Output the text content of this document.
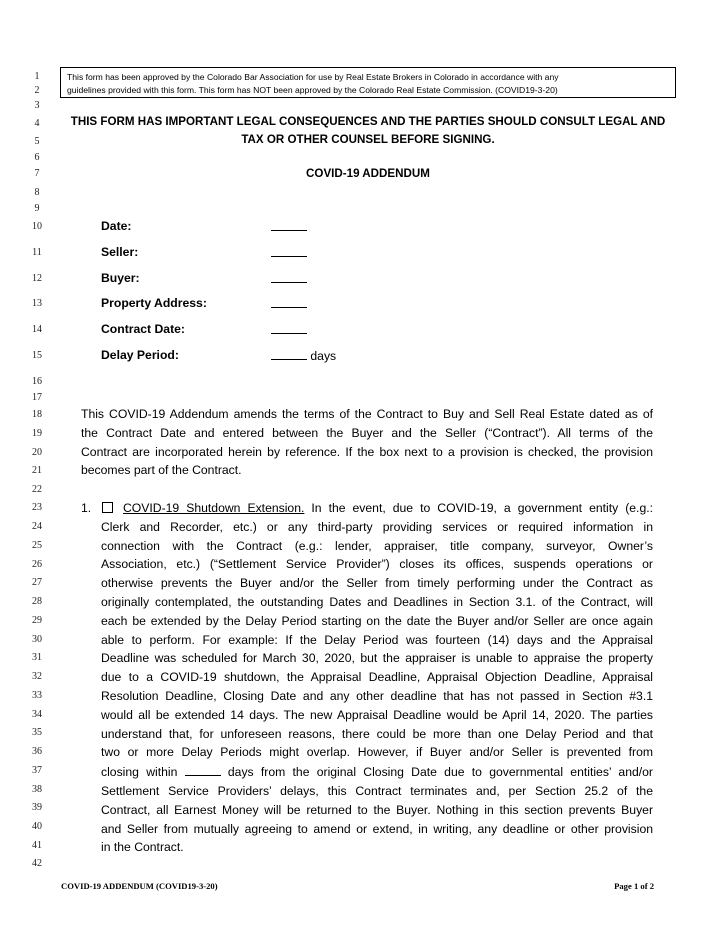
1
2
3
4
5
6
7
8
9
10
11
12
13
14
15
16
17
18
19
20
21
22
23
24
25
26
27
28
29
30
31
32
33
34
35
36
37
38
39
40
41
42
This form has been approved by the Colorado Bar Association for use by Real Estate Brokers in Colorado in accordance with any
guidelines provided with this form. This form has NOT been approved by the Colorado Real Estate Commission. (COVID19-3-20)
THIS FORM HAS IMPORTANT LEGAL CONSEQUENCES AND THE PARTIES SHOULD CONSULT LEGAL AND
TAX OR OTHER COUNSEL BEFORE SIGNING.
COVID-19 ADDENDUM
Date:
Seller:
Buyer:
Property Address:
Contract Date:
Delay Period:	days
This COVID-19 Addendum amends the terms of the Contract to Buy and Sell Real Estate dated as of
the Contract Date and entered between the Buyer and the Seller (“Contract”). All terms of the
Contract are incorporated herein by reference. If the box next to a provision is checked, the provision
becomes part of the Contract.
1.	COVID-19 Shutdown Extension. In the event, due to COVID-19, a government entity (e.g.:
Clerk and Recorder, etc.) or any third-party providing services or required information in
connection with the Contract (e.g.: lender, appraiser, title company, surveyor, Owner’s
Association, etc.) (“Settlement Service Provider”) closes its offices, suspends operations or
otherwise prevents the Buyer and/or the Seller from timely performing under the Contract as
originally contemplated, the outstanding Dates and Deadlines in Section 3.1. of the Contract, will
each be extended by the Delay Period starting on the date the Buyer and/or Seller are once again
able to perform. For example: If the Delay Period was fourteen (14) days and the Appraisal
Deadline was scheduled for March 30, 2020, but the appraiser is unable to appraise the property
due to a COVID-19 shutdown, the Appraisal Deadline, Appraisal Objection Deadline, Appraisal
Resolution Deadline, Closing Date and any other deadline that has not passed in Section #3.1
would all be extended 14 days. The new Appraisal Deadline would be April 14, 2020. The parties
understand that, for unforeseen reasons, there could be more than one Delay Period and that
two or more Delay Periods might overlap. However, if Buyer and/or Seller is prevented from
closing within	days from the original Closing Date due to governmental entities’ and/or
Settlement Service Providers’ delays, this Contract terminates and, per Section 25.2 of the
Contract, all Earnest Money will be returned to the Buyer. Nothing in this section prevents Buyer
and Seller from mutually agreeing to amend or extend, in writing, any deadline or other provision
in the Contract.
COVID-19 ADDENDUM (COVID19-3-20)	Page 1 of 2
